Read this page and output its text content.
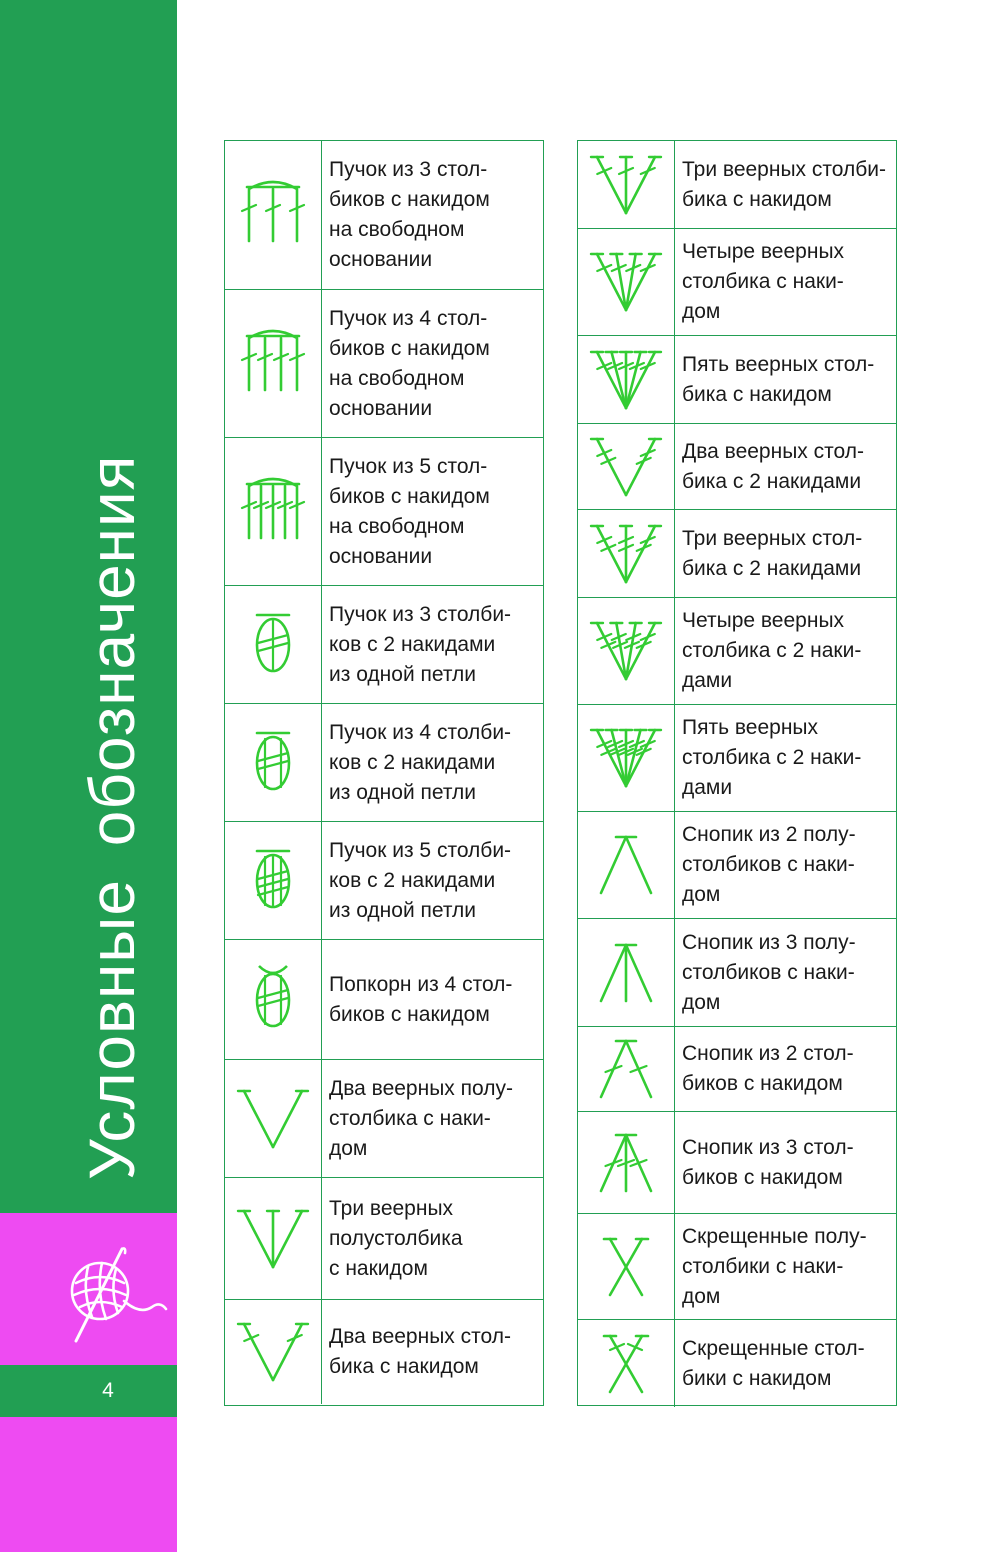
Условные обозначения
4
Пучок из 3 стол-
биков с накидом
на свободном
основании
Пучок из 4 стол-
биков с накидом
на свободном
основании
Пучок из 5 стол-
биков с накидом
на свободном
основании
Пучок из 3 столби-
ков с 2 накидами
из одной петли
Пучок из 4 столби-
ков с 2 накидами
из одной петли
Пучок из 5 столби-
ков с 2 накидами
из одной петли
Попкорн из 4 стол-
биков с накидом
Два веерных полу-
столбика с наки-
дом
Три веерных
полустолбика
с накидом
Два веерных стол-
бика с накидом
Три веерных столби-
бика с накидом
Четыре веерных
столбика с наки-
дом
Пять веерных стол-
бика с накидом
Два веерных стол-
бика с 2 накидами
Три веерных стол-
бика с 2 накидами
Четыре веерных
столбика с 2 наки-
дами
Пять веерных
столбика с 2 наки-
дами
Снопик из 2 полу-
столбиков с наки-
дом
Снопик из 3 полу-
столбиков с наки-
дом
Снопик из 2 стол-
биков с накидом
Снопик из 3 стол-
биков с накидом
Скрещенные полу-
столбики с наки-
дом
Скрещенные стол-
бики с накидом
